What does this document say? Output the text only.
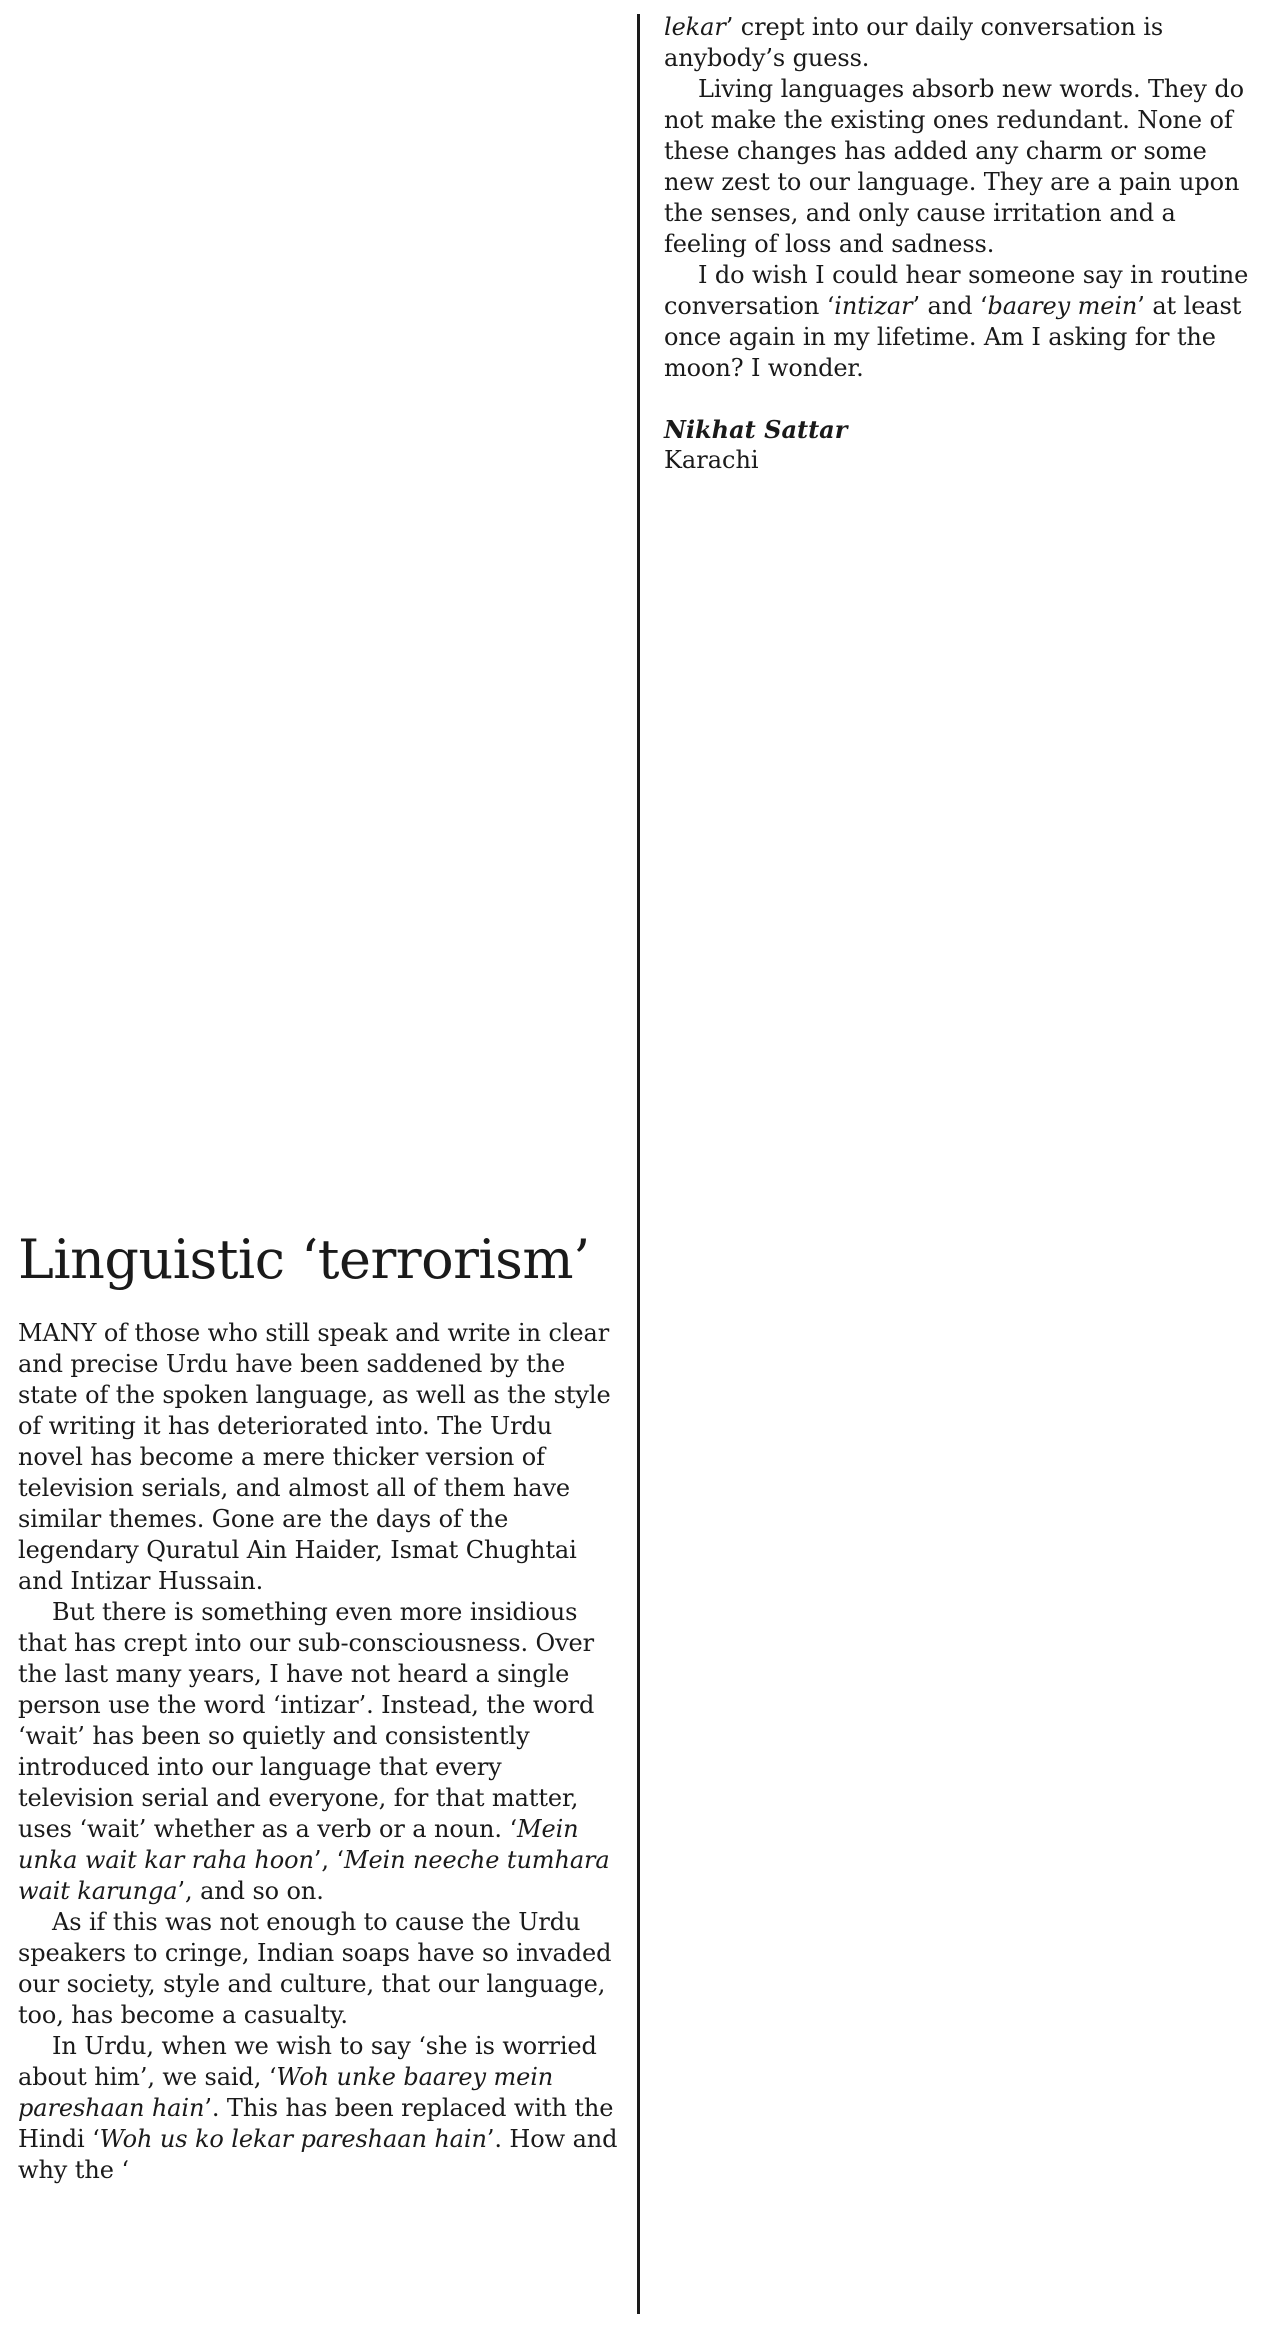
Linguistic ‘terrorism’

MANY of those who still speak and write in clear and precise Urdu have been saddened by the state of the spoken language, as well as the style of writing it has deteriorated into. The Urdu novel has become a mere thicker version of television serials, and almost all of them have similar themes. Gone are the days of the legendary Quratul Ain Haider, Ismat Chughtai and Intizar Hussain.

But there is something even more insidious that has crept into our sub-consciousness. Over the last many years, I have not heard a single person use the word ‘intizar’. Instead, the word ‘wait’ has been so quietly and consistently introduced into our language that every television serial and everyone, for that matter, uses ‘wait’ whether as a verb or a noun. ‘Mein unka wait kar raha hoon’, ‘Mein neeche tumhara wait karunga’, and so on.

As if this was not enough to cause the Urdu speakers to cringe, Indian soaps have so invaded our society, style and culture, that our language, too, has become a casualty.

In Urdu, when we wish to say ‘she is worried about him’, we said, ‘Woh unke baarey mein pareshaan hain’. This has been replaced with the Hindi ‘Woh us ko lekar pareshaan hain’. How and why the ‘

lekar’ crept into our daily conversation is anybody’s guess.

Living languages absorb new words. They do not make the existing ones redundant. None of these changes has added any charm or some new zest to our language. They are a pain upon the senses, and only cause irritation and a feeling of loss and sadness.

I do wish I could hear someone say in routine conversation ‘intizar’ and ‘baarey mein’ at least once again in my lifetime. Am I asking for the moon? I wonder.

Nikhat Sattar
Karachi
